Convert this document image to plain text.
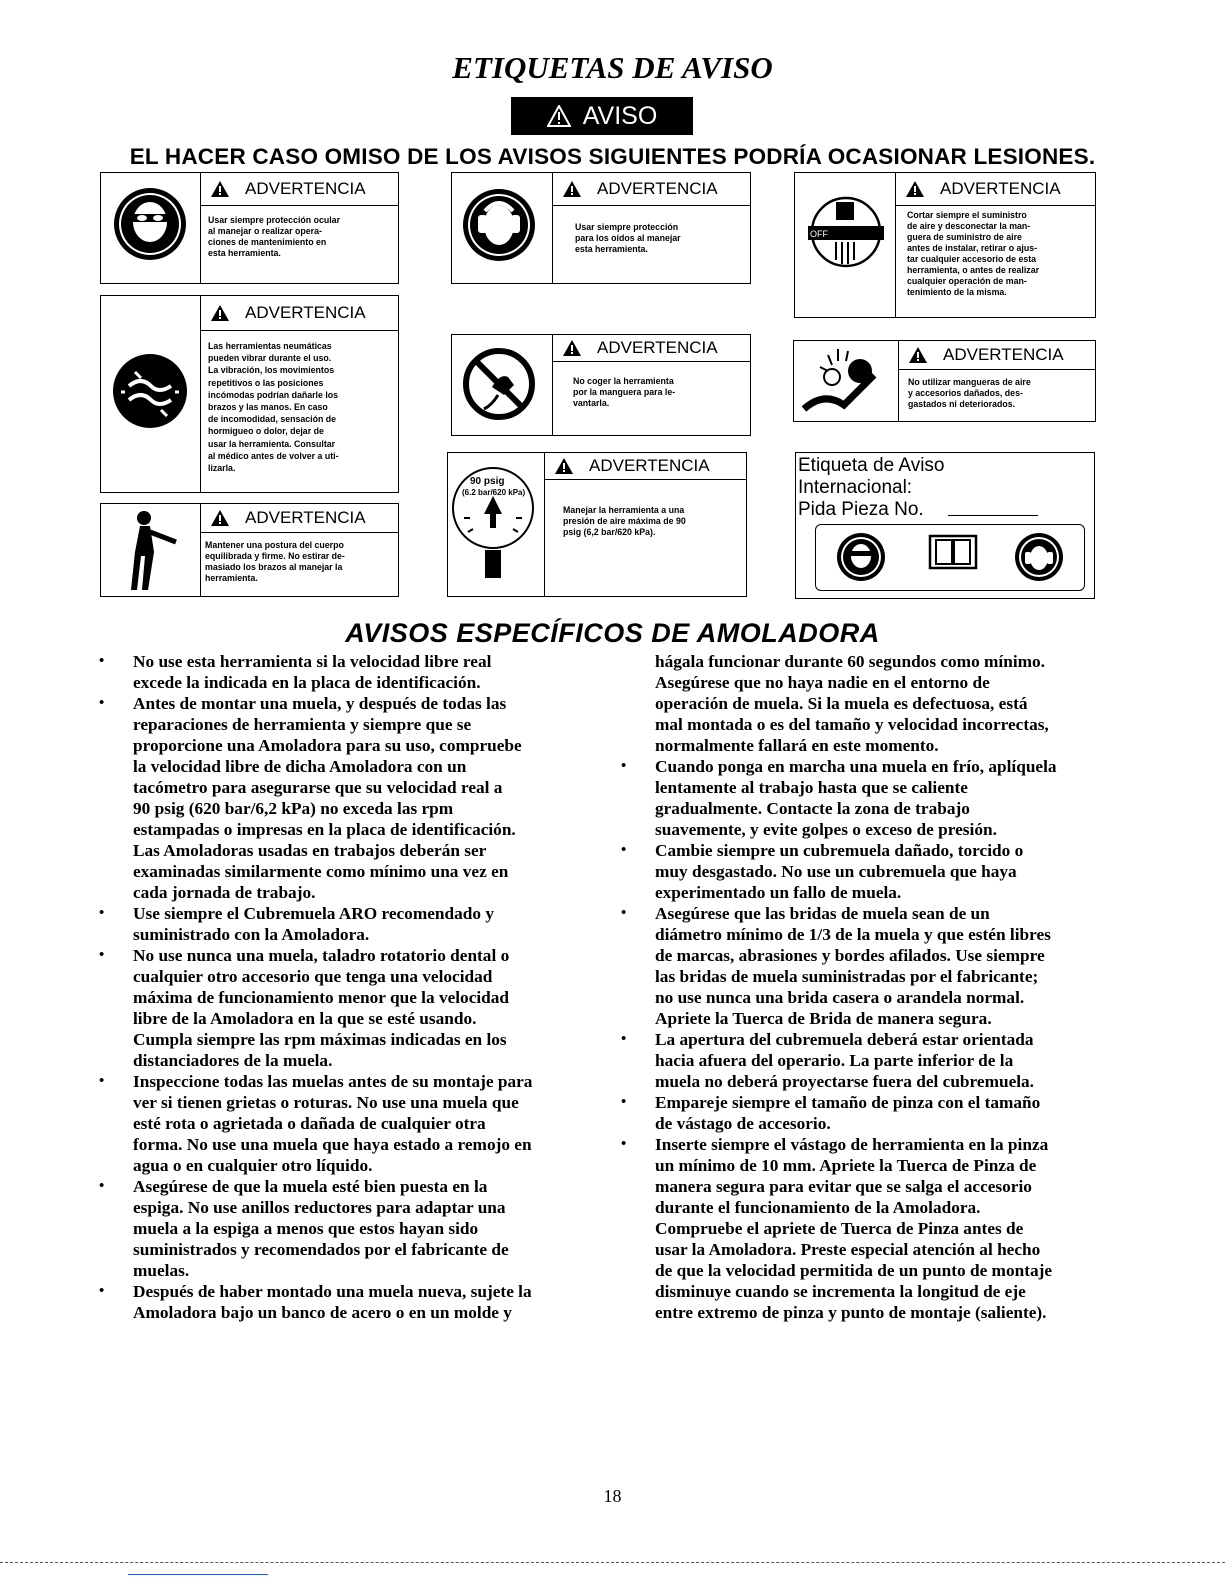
ETIQUETAS DE AVISO
AVISO
EL HACER CASO OMISO DE LOS AVISOS SIGUIENTES PODRÍA OCASIONAR LESIONES.
ADVERTENCIA
Usar siempre protección ocular
al manejar o realizar opera-
ciones de mantenimiento en
esta herramienta.
ADVERTENCIA
Usar siempre protección
para los oídos al manejar
esta herramienta.
OFF
ADVERTENCIA
Cortar siempre el suministro
de aire y desconectar la man-
guera de suministro de aire
antes de instalar, retirar o ajus-
tar cualquier accesorio de esta
herramienta, o antes de realizar
cualquier operación de man-
tenimiento de la misma.
ADVERTENCIA
Las herramientas neumáticas
pueden vibrar durante el uso.
La vibración, los movimientos
repetitivos o las posiciones
incómodas podrían dañarle los
brazos y las manos. En caso
de incomodidad, sensación de
hormigueo o dolor, dejar de
usar la herramienta. Consultar
al médico antes de volver a uti-
lizarla.
ADVERTENCIA
No coger la herramienta
por la manguera para le-
vantarla.
ADVERTENCIA
No utilizar mangueras de aire
y accesorios dañados, des-
gastados ni deteriorados.
ADVERTENCIA
Mantener una postura del cuerpo
equilibrada y firme. No estirar de-
masiado los brazos al manejar la
herramienta.
90 psig
(6.2 bar/620 kPa)
ADVERTENCIA
Manejar la herramienta a una
presión de aire máxima de 90
psig (6,2 bar/620 kPa).
Etiqueta de Aviso
Internacional:
Pida Pieza No.
AVISOS ESPECÍFICOS DE AMOLADORA
• No use esta herramienta si la velocidad libre real
excede la indicada en la placa de identificación.
• Antes de montar una muela, y después de todas las
reparaciones de herramienta y siempre que se
proporcione una Amoladora para su uso, compruebe
la velocidad libre de dicha Amoladora con un
tacómetro para asegurarse que su velocidad real a
90 psig (620 bar/6,2 kPa) no exceda las rpm
estampadas o impresas en la placa de identificación.
Las Amoladoras usadas en trabajos deberán ser
examinadas similarmente como mínimo una vez en
cada jornada de trabajo.
• Use siempre el Cubremuela ARO recomendado y
suministrado con la Amoladora.
• No use nunca una muela, taladro rotatorio dental o
cualquier otro accesorio que tenga una velocidad
máxima de funcionamiento menor que la velocidad
libre de la Amoladora en la que se esté usando.
Cumpla siempre las rpm máximas indicadas en los
distanciadores de la muela.
• Inspeccione todas las muelas antes de su montaje para
ver si tienen grietas o roturas. No use una muela que
esté rota o agrietada o dañada de cualquier otra
forma. No use una muela que haya estado a remojo en
agua o en cualquier otro líquido.
• Asegúrese de que la muela esté bien puesta en la
espiga. No use anillos reductores para adaptar una
muela a la espiga a menos que estos hayan sido
suministrados y recomendados por el fabricante de
muelas.
• Después de haber montado una muela nueva, sujete la
Amoladora bajo un banco de acero o en un molde y
hágala funcionar durante 60 segundos como mínimo.
Asegúrese que no haya nadie en el entorno de
operación de muela. Si la muela es defectuosa, está
mal montada o es del tamaño y velocidad incorrectas,
normalmente fallará en este momento.
• Cuando ponga en marcha una muela en frío, aplíquela
lentamente al trabajo hasta que se caliente
gradualmente. Contacte la zona de trabajo
suavemente, y evite golpes o exceso de presión.
• Cambie siempre un cubremuela dañado, torcido o
muy desgastado. No use un cubremuela que haya
experimentado un fallo de muela.
• Asegúrese que las bridas de muela sean de un
diámetro mínimo de 1/3 de la muela y que estén libres
de marcas, abrasiones y bordes afilados. Use siempre
las bridas de muela suministradas por el fabricante;
no use nunca una brida casera o arandela normal.
Apriete la Tuerca de Brida de manera segura.
• La apertura del cubremuela deberá estar orientada
hacia afuera del operario. La parte inferior de la
muela no deberá proyectarse fuera del cubremuela.
• Empareje siempre el tamaño de pinza con el tamaño
de vástago de accesorio.
• Inserte siempre el vástago de herramienta en la pinza
un mínimo de 10 mm. Apriete la Tuerca de Pinza de
manera segura para evitar que se salga el accesorio
durante el funcionamiento de la Amoladora.
Compruebe el apriete de Tuerca de Pinza antes de
usar la Amoladora. Preste especial atención al hecho
de que la velocidad permitida de un punto de montaje
disminuye cuando se incrementa la longitud de eje
entre extremo de pinza y punto de montaje (saliente).
18
